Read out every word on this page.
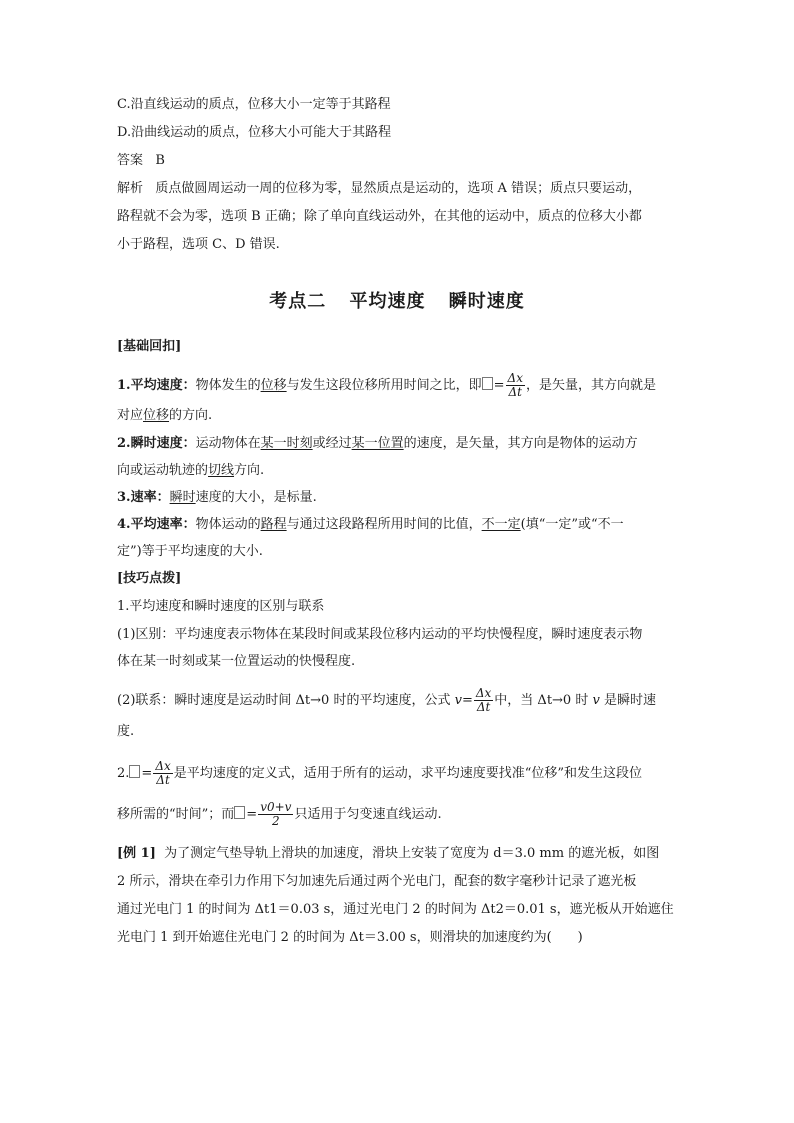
C.沿直线运动的质点，位移大小一定等于其路程
D.沿曲线运动的质点，位移大小可能大于其路程
答案 B
解析 质点做圆周运动一周的位移为零，显然质点是运动的，选项 A 错误；质点只要运动，
路程就不会为零，选项 B 正确；除了单向直线运动外，在其他的运动中，质点的位移大小都
小于路程，选项 C、D 错误.
考点二 平均速度 瞬时速度
[基础回扣]
1.平均速度：物体发生的位移与发生这段位移所用时间之比，即 = $\frac{\Delta x}{\Delta t}$ ，是矢量，其方向就是
对应位移的方向.
2.瞬时速度：运动物体在某一时刻或经过某一位置的速度，是矢量，其方向是物体的运动方
向或运动轨迹的切线方向.
3.速率：瞬时速度的大小，是标量.
4.平均速率：物体运动的路程与通过这段路程所用时间的比值，不一定(填“一定”或“不一
定”)等于平均速度的大小.
[技巧点拨]
1.平均速度和瞬时速度的区别与联系
(1)区别：平均速度表示物体在某段时间或某段位移内运动的平均快慢程度，瞬时速度表示物
体在某一时刻或某一位置运动的快慢程度.
(2)联系：瞬时速度是运动时间 Δt→0 时的平均速度，公式 $v= \frac{\Delta x}{\Delta t}$ 中，当 Δt→0 时 v 是瞬时速
度.
2. = $\frac{\Delta x}{\Delta t}$ 是平均速度的定义式，适用于所有的运动，求平均速度要找准“位移”和发生这段位
移所需的“时间”；而 = $\frac{v0+v}{2}$ 只适用于匀变速直线运动.
[例 1] 为了测定气垫导轨上滑块的加速度，滑块上安装了宽度为 d＝3.0 mm 的遮光板，如图
2 所示，滑块在牵引力作用下匀加速先后通过两个光电门，配套的数字毫秒计记录了遮光板
通过光电门 1 的时间为 Δt1＝0.03 s，通过光电门 2 的时间为 Δt2＝0.01 s，遮光板从开始遮住
光电门 1 到开始遮住光电门 2 的时间为 Δt＝3.00 s，则滑块的加速度约为(　　)
